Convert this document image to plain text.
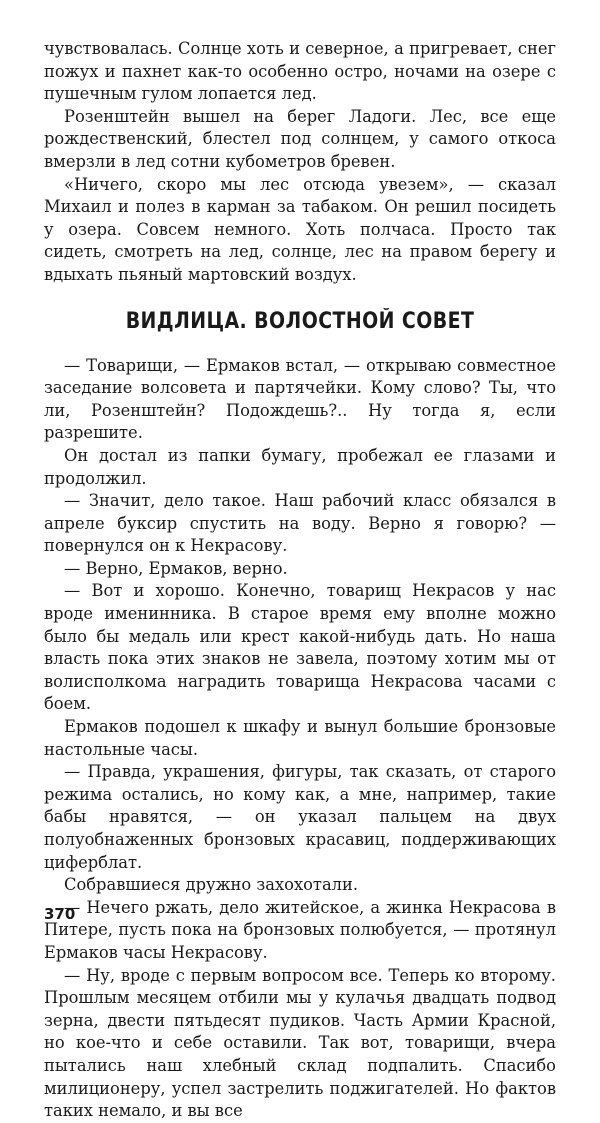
чувствовалась. Солнце хоть и северное, а пригревает, снег пожух и пахнет как-то особенно остро, ночами на озере с пушечным гулом лопается лед.

Розенштейн вышел на берег Ладоги. Лес, все еще рождественский, блестел под солнцем, у самого откоса вмерзли в лед сотни кубометров бревен.

«Ничего, скоро мы лес отсюда увезем», — сказал Михаил и полез в карман за табаком. Он решил посидеть у озера. Совсем немного. Хоть полчаса. Просто так сидеть, смотреть на лед, солнце, лес на правом берегу и вдыхать пьяный мартовский воздух.

ВИДЛИЦА. ВОЛОСТНОЙ СОВЕТ

— Товарищи, — Ермаков встал, — открываю совместное заседание волсовета и партячейки. Кому слово? Ты, что ли, Розенштейн? Подождешь?.. Ну тогда я, если разрешите.

Он достал из папки бумагу, пробежал ее глазами и продолжил.

— Значит, дело такое. Наш рабочий класс обязался в апреле буксир спустить на воду. Верно я говорю? — повернулся он к Некрасову.

— Верно, Ермаков, верно.

— Вот и хорошо. Конечно, товарищ Некрасов у нас вроде именинника. В старое время ему вполне можно было бы медаль или крест какой-нибудь дать. Но наша власть пока этих знаков не завела, поэтому хотим мы от волисполкома наградить товарища Некрасова часами с боем.

Ермаков подошел к шкафу и вынул большие бронзовые настольные часы.

— Правда, украшения, фигуры, так сказать, от старого режима остались, но кому как, а мне, например, такие бабы нравятся, — он указал пальцем на двух полуобнаженных бронзовых красавиц, поддерживающих циферблат.

Собравшиеся дружно захохотали.

— Нечего ржать, дело житейское, а жинка Некрасова в Питере, пусть пока на бронзовых полюбуется, — протянул Ермаков часы Некрасову.

— Ну, вроде с первым вопросом все. Теперь ко второму. Прошлым месяцем отбили мы у кулачья двадцать подвод зерна, двести пятьдесят пудиков. Часть Армии Красной, но кое-что и себе оставили. Так вот, товарищи, вчера пытались наш хлебный склад подпалить. Спасибо милиционеру, успел застрелить поджигателей. Но фактов таких немало, и вы все

370
